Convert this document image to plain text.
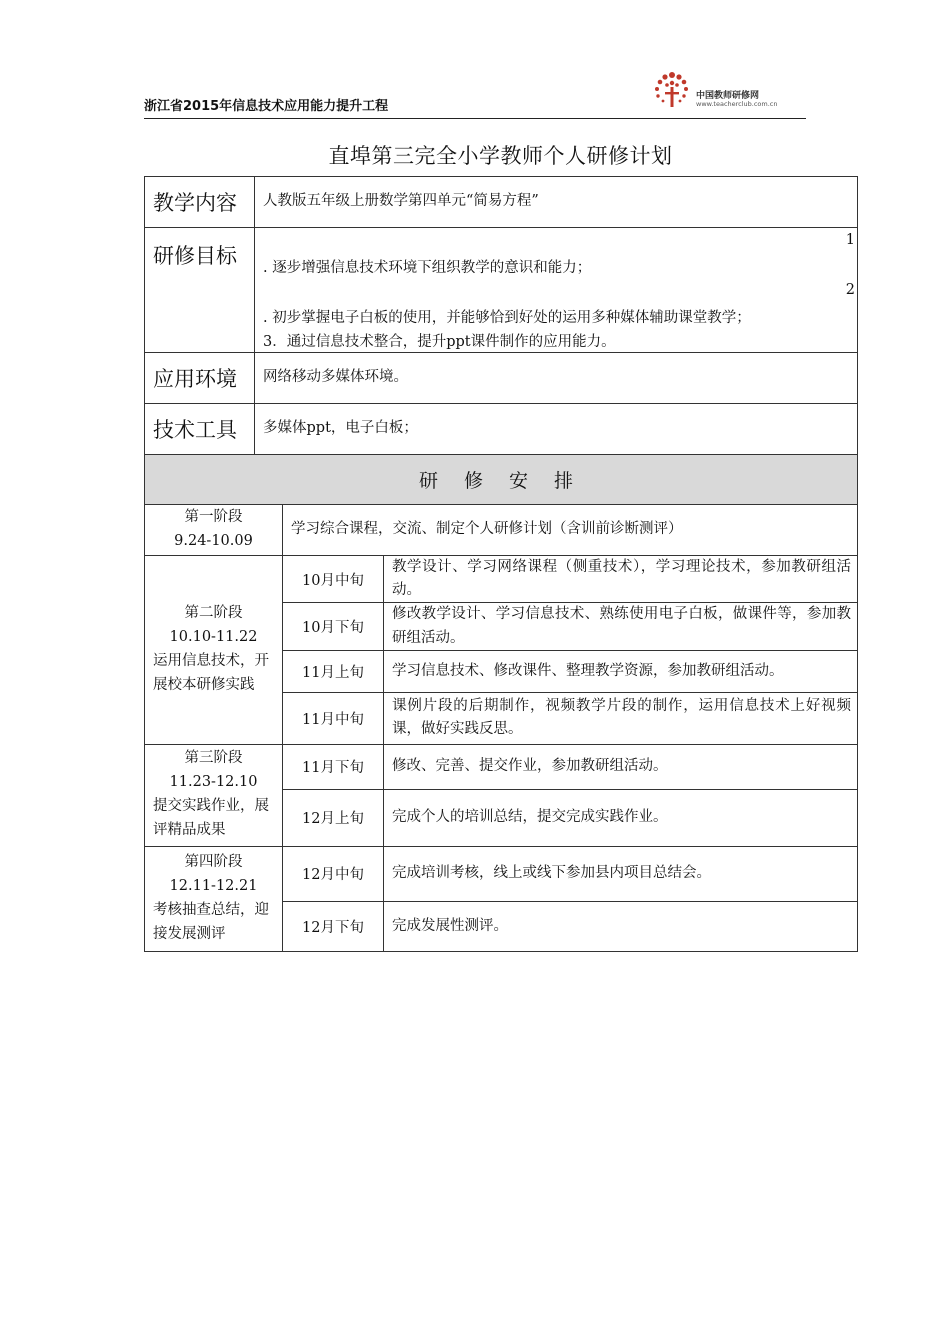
浙江省2015年信息技术应用能力提升工程
中国教师研修网
www.teacherclub.com.cn
直埠第三完全小学教师个人研修计划
教学内容	人教版五年级上册数学第四单元“简易方程”		
研修目标	1
. 逐步增强信息技术环境下组织教学的意识和能力；
2
. 初步掌握电子白板的使用，并能够恰到好处的运用多种媒体辅助课堂教学；
3．通过信息技术整合，提升ppt课件制作的应用能力。		

应用环境	网络移动多媒体环境。		
技术工具	多媒体ppt，电子白板；		
研 修 安 排			

第一阶段
9.24-10.09		学习综合课程，交流、制定个人研修计划（含训前诊断测评）	

第二阶段
10.10-11.22
运用信息技术，开展校本研修实践		10月中旬	教学设计、学习网络课程（侧重技术），学习理论技术，参加教研组活动。
		10月下旬	修改教学设计、学习信息技术、熟练使用电子白板，做课件等，参加教研组活动。
		11月上旬	学习信息技术、修改课件、整理教学资源，参加教研组活动。
		11月中旬	课例片段的后期制作，视频教学片段的制作，运用信息技术上好视频课，做好实践反思。

第三阶段
11.23-12.10
提交实践作业，展评精品成果		11月下旬	修改、完善、提交作业，参加教研组活动。
		12月上旬	完成个人的培训总结，提交完成实践作业。

第四阶段
12.11-12.21
考核抽查总结，迎接发展测评		12月中旬	完成培训考核，线上或线下参加县内项目总结会。
		12月下旬	完成发展性测评。
